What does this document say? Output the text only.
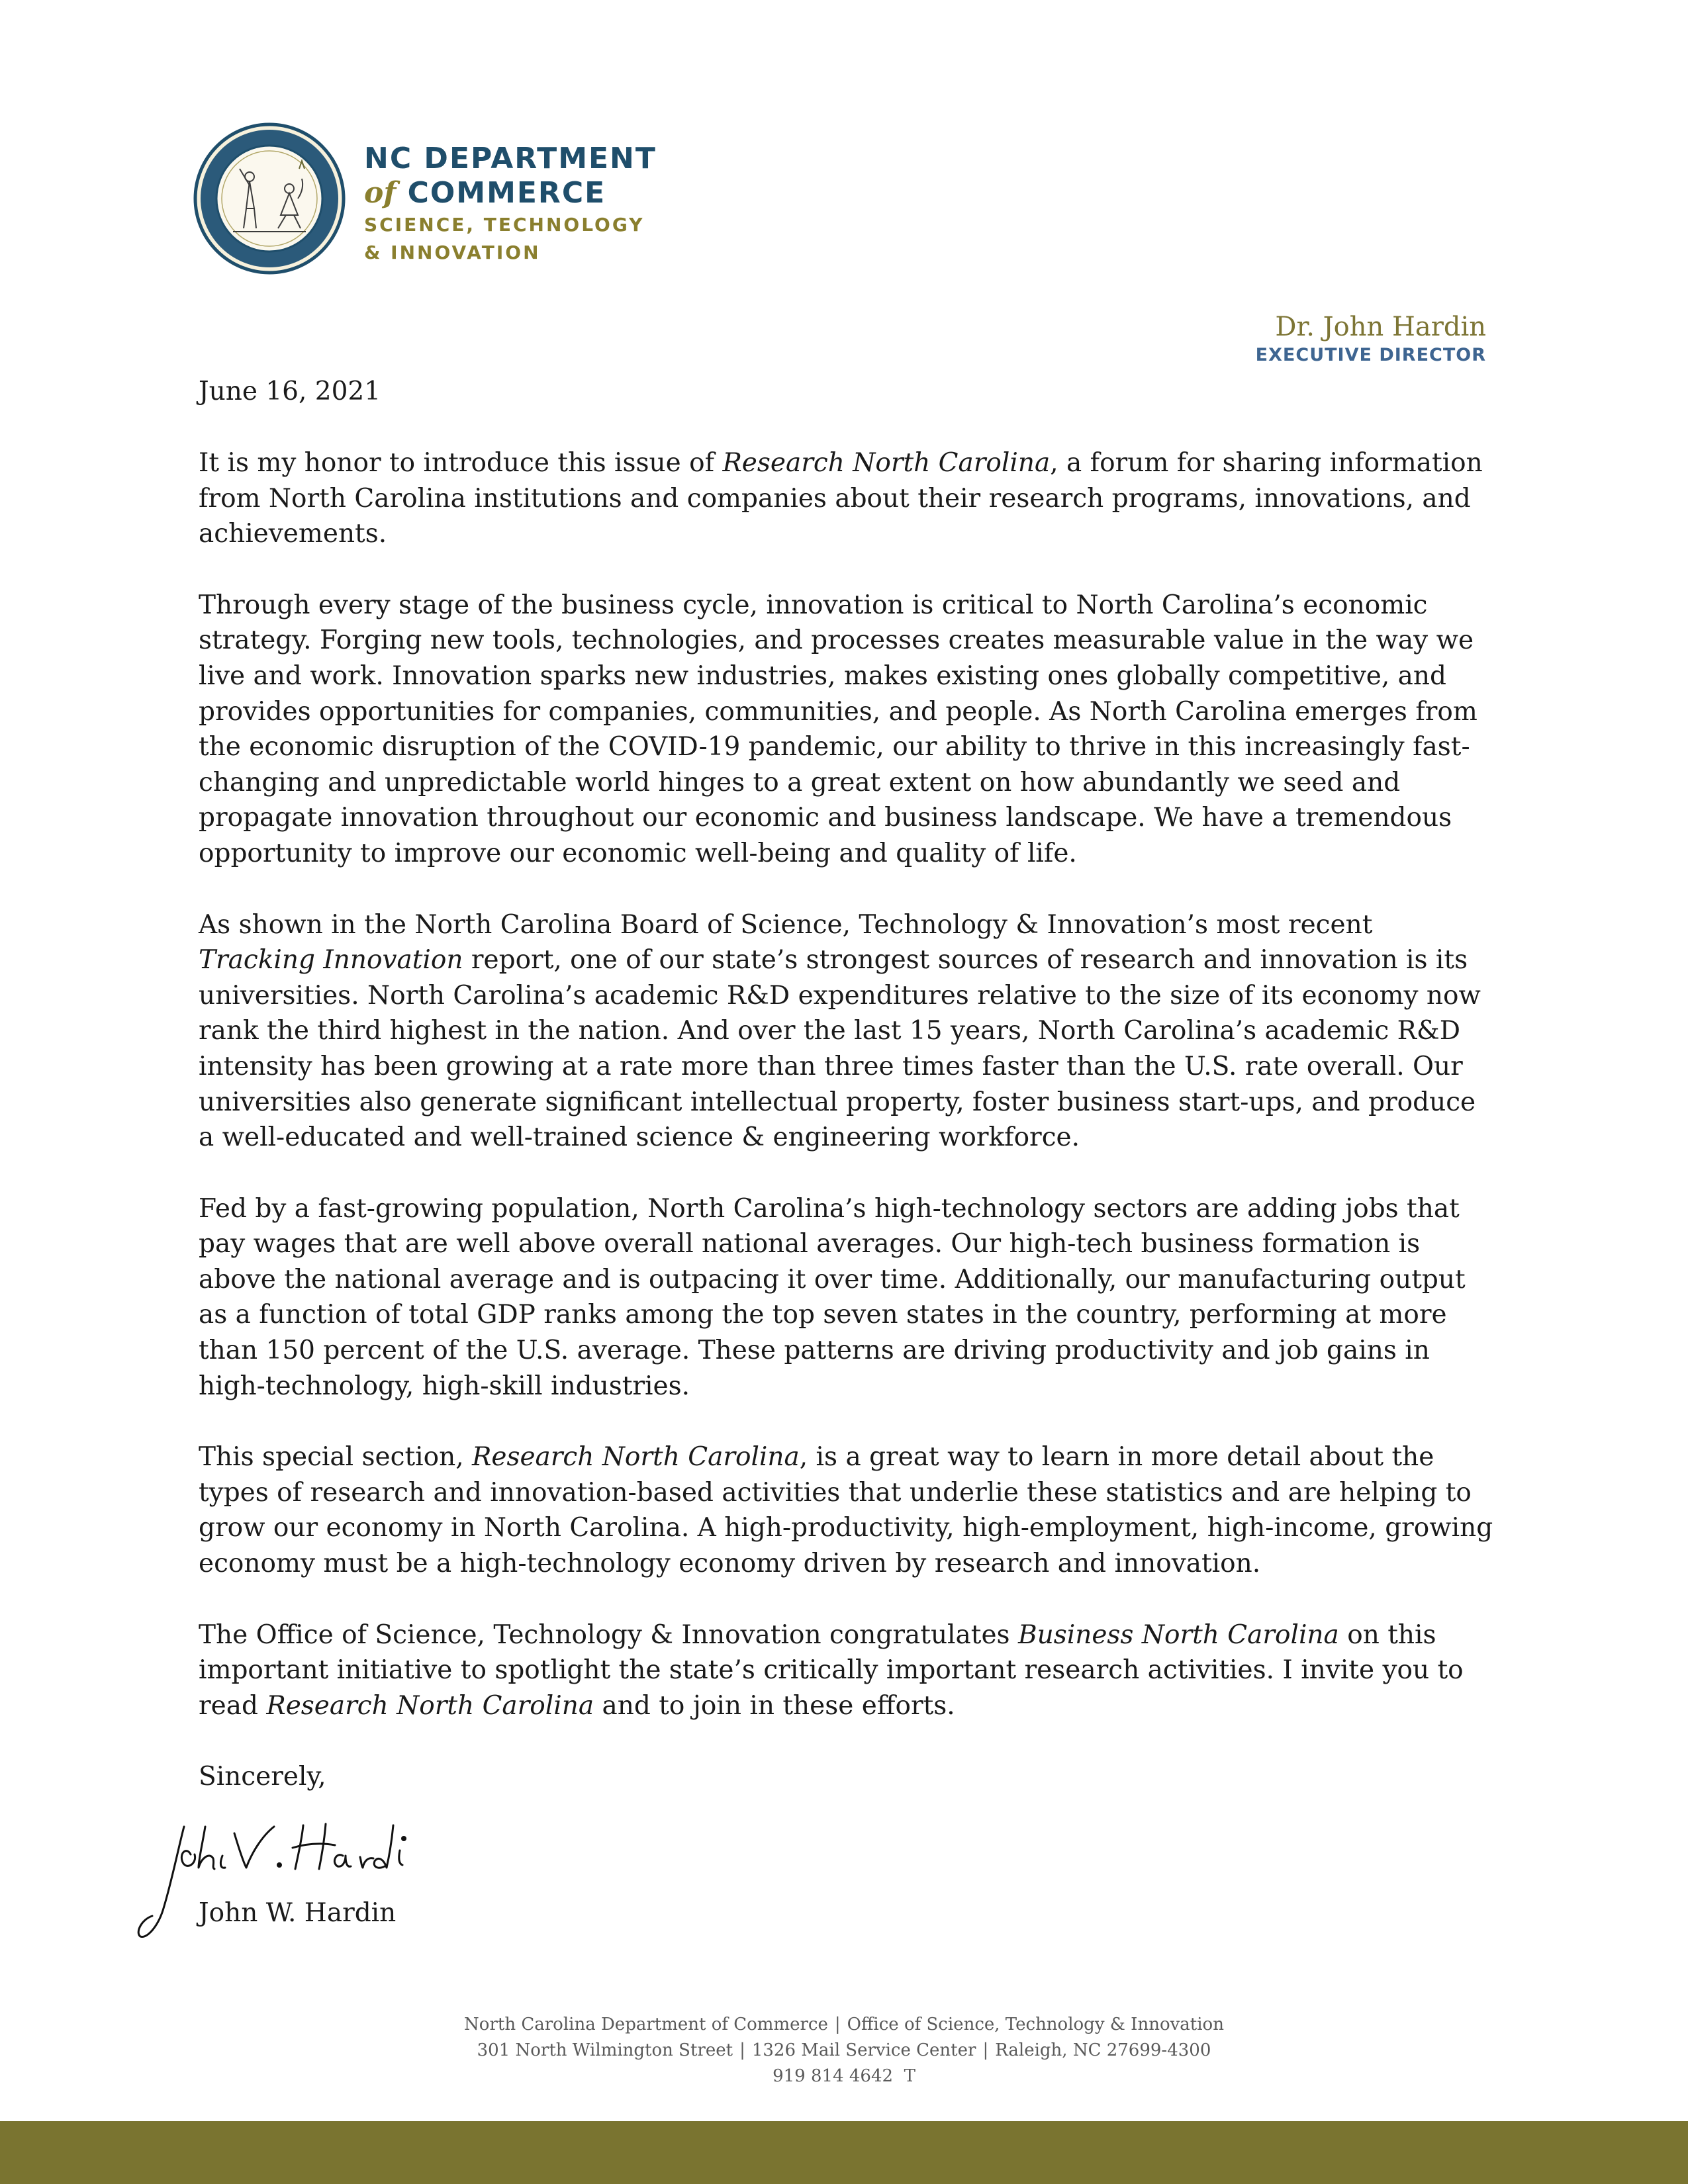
NC DEPARTMENT
of COMMERCE
SCIENCE, TECHNOLOGY
& INNOVATION
Dr. John Hardin
EXECUTIVE DIRECTOR
June 16, 2021

It is my honor to introduce this issue of Research North Carolina, a forum for sharing information from North Carolina institutions and companies about their research programs, innovations, and achievements.

Through every stage of the business cycle, innovation is critical to North Carolina’s economic strategy. Forging new tools, technologies, and processes creates measurable value in the way we live and work. Innovation sparks new industries, makes existing ones globally competitive, and provides opportunities for companies, communities, and people. As North Carolina emerges from the economic disruption of the COVID-19 pandemic, our ability to thrive in this increasingly fast-changing and unpredictable world hinges to a great extent on how abundantly we seed and propagate innovation throughout our economic and business landscape. We have a tremendous opportunity to improve our economic well-being and quality of life.

As shown in the North Carolina Board of Science, Technology & Innovation’s most recent Tracking Innovation report, one of our state’s strongest sources of research and innovation is its universities. North Carolina’s academic R&D expenditures relative to the size of its economy now rank the third highest in the nation. And over the last 15 years, North Carolina’s academic R&D intensity has been growing at a rate more than three times faster than the U.S. rate overall. Our universities also generate significant intellectual property, foster business start-ups, and produce a well-educated and well-trained science & engineering workforce.

Fed by a fast-growing population, North Carolina’s high-technology sectors are adding jobs that pay wages that are well above overall national averages. Our high-tech business formation is above the national average and is outpacing it over time. Additionally, our manufacturing output as a function of total GDP ranks among the top seven states in the country, performing at more than 150 percent of the U.S. average. These patterns are driving productivity and job gains in high-technology, high-skill industries.

This special section, Research North Carolina, is a great way to learn in more detail about the types of research and innovation-based activities that underlie these statistics and are helping to grow our economy in North Carolina. A high-productivity, high-employment, high-income, growing economy must be a high-technology economy driven by research and innovation.

The Office of Science, Technology & Innovation congratulates Business North Carolina on this important initiative to spotlight the state’s critically important research activities. I invite you to read Research North Carolina and to join in these efforts.

Sincerely,
John W. Hardin
North Carolina Department of Commerce | Office of Science, Technology & Innovation
301 North Wilmington Street | 1326 Mail Service Center | Raleigh, NC 27699-4300
919 814 4642 T
